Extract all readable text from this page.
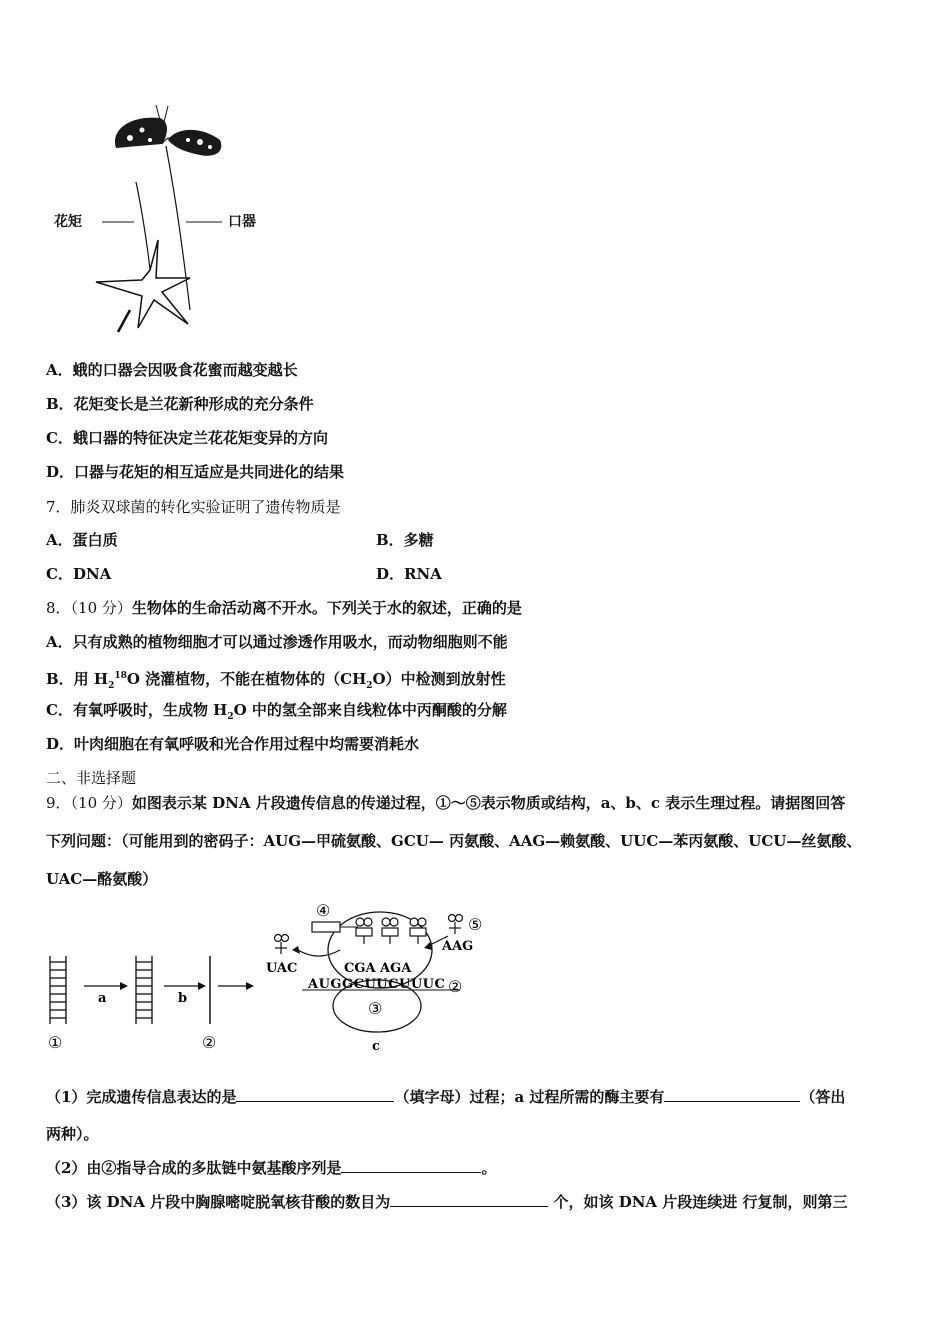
花矩	口器
A．蛾的口器会因吸食花蜜而越变越长
B．花矩变长是兰花新种形成的充分条件
C．蛾口器的特征决定兰花花矩变异的方向
D．口器与花矩的相互适应是共同进化的结果
7．肺炎双球菌的转化实验证明了遗传物质是
A．蛋白质	B．多糖
C．DNA	D．RNA
8．（10 分）生物体的生命活动离不开水。下列关于水的叙述，正确的是
A．只有成熟的植物细胞才可以通过渗透作用吸水，而动物细胞则不能
B．用 $H_2^{18}O$ 浇灌植物，不能在植物体的$(CH_2O)$中检测到放射性
C．有氧呼吸时，生成物 $H_2O$ 中的氢全部来自线粒体中丙酮酸的分解
D．叶肉细胞在有氧呼吸和光合作用过程中均需要消耗水
二、非选择题
9．（10 分）如图表示某 DNA 片段遗传信息的传递过程，①～⑤表示物质或结构，a、b、c 表示生理过程。请据图回答
下列问题：（可能用到的密码子：AUG—甲硫氨酸、GCU— 丙氨酸、AAG—赖氨酸、UUC—苯丙氨酸、UCU—丝氨酸、
UAC—酪氨酸）
a	b
c
①	②
②
③
④
⑤
UAC	CGA AGA
AAG
AUGGCUUCUUUC
（1）完成遗传信息表达的是	（填字母）过程；a 过程所需的酶主要有	（答出
两种）。
（2）由②指导合成的多肽链中氨基酸序列是	。
（3）该 DNA 片段中胸腺嘧啶脱氧核苷酸的数目为	个，如该 DNA 片段连续进 行复制，则第三
